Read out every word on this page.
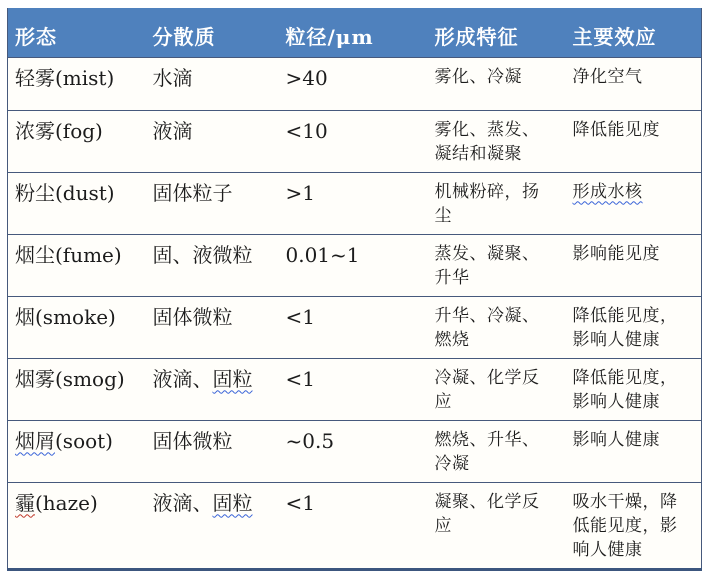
形态	分散质	粒径/μm	形成特征	主要效应
轻雾(mist)	水滴	>40	雾化、冷凝	净化空气
浓雾(fog)	液滴	<10	雾化、蒸发、凝结和凝聚	降低能见度
粉尘(dust)	固体粒子	>1	机械粉碎，扬尘	形成水核
烟尘(fume)	固、液微粒	0.01~1	蒸发、凝聚、升华	影响能见度
烟(smoke)	固体微粒	<1	升华、冷凝、燃烧	降低能见度，影响人健康
烟雾(smog)	液滴、固粒	<1	冷凝、化学反应	降低能见度，影响人健康
烟屑(soot)	固体微粒	~0.5	燃烧、升华、冷凝	影响人健康
霾(haze)	液滴、固粒	<1	凝聚、化学反应	吸水干燥，降低能见度，影响人健康
